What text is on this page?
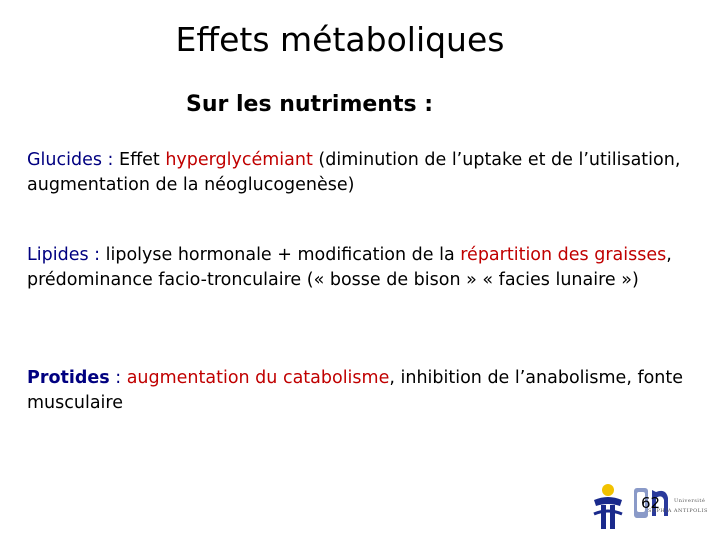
Effets métaboliques
Sur les nutriments :

Glucides : Effet hyperglycémiant (diminution de l’uptake et de l’utilisation, augmentation de la néoglucogenèse)

Lipides : lipolyse hormonale + modification de la répartition des graisses, prédominance facio-tronculaire (« bosse de bison » « facies lunaire »)

Protides : augmentation du catabolisme, inhibition de l’anabolisme, fonte musculaire

Université
SOPHIA ANTIPOLIS
62
